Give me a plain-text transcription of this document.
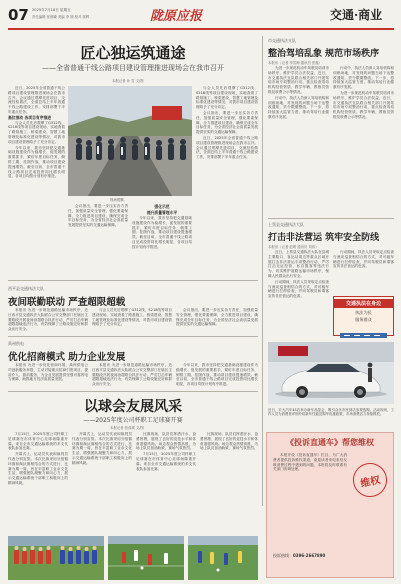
07 2025年7月18日 星期五
责任编辑 张晨曦 美编 李 刚 校对 郭辉	陇原应报	交通·商业
匠心独运筑通途
——全省普通干线公路项目建设管理推进现场会在我市召开
本报记者 孙 雪 文/图

近日，2025年全省普通干线公路项目建设管理推进现场会在我市召开。会议通过观摩先进项目、交流经验做法，全面总结上半年普通干线公路建设工作，安排部署下半年重点任务。

高位推动 各项目有序推进

与会人员先后观摩了G312线、S218线等项目建设现场，实地查看了路基施工、桥梁建设、智慧工地管理及标准化建设等情况，对我市项目建设管理给予了充分肯定。

今年以来，我市坚持把交通基础设施建设作为稳增长、促发展的重要抓手，紧盯年度目标任务，倒排工期、挂图作战，推动项目建设提速增效。截至目前，全市普通干线公路项目完成投资同比增长明显，各项目均按计划有序推进。

现场观摩。

会议指出，要进一步压实各方责任，加强质量安全管理，强化要素保障，全力推进项目建设，确保完成全年目标任务，为全省经济社会高质量发展提供坚实的交通运输保障。

强化示范
提升质量管理水平

今年以来，我市坚持把交通基础设施建设作为稳增长、促发展的重要抓手，紧盯年度目标任务，倒排工期、挂图作战，推动项目建设提速增效。截至目前，全市普通干线公路项目完成投资同比增长明显，各项目均按计划有序推进。

与会人员先后观摩了G312线、S218线等项目建设现场，实地查看了路基施工、桥梁建设、智慧工地管理及标准化建设等情况，对我市项目建设管理给予了充分肯定。

会议指出，要进一步压实各方责任，加强质量安全管理，强化要素保障，全力推进项目建设，确保完成全年目标任务，为全省经济社会高质量发展提供坚实的交通运输保障。

近日，2025年全省普通干线公路项目建设管理推进现场会在我市召开。会议通过观摩先进项目、交流经验做法，全面总结上半年普通干线公路建设工作，安排部署下半年重点任务。

西平县交通执法大队
夜间联勤联动 严查超限超载

本报讯 为进一步规范道路运输市场秩序，近日西平县交通执法大队联合公安交警部门在辖区主要路段开展夜间治超联合执法行动，严厉打击车辆超限超载违法行为，有效保障了公路设施完好和群众出行安全。

与会人员先后观摩了G312线、S218线等项目建设现场，实地查看了路基施工、桥梁建设、智慧工地管理及标准化建设等情况，对我市项目建设管理给予了充分肯定。

会议指出，要进一步压实各方责任，加强质量安全管理，强化要素保障，全力推进项目建设，确保完成全年目标任务，为全省经济社会高质量发展提供坚实的交通运输保障。

禹州供电
优化招商模式 助力企业发展

本报讯 为进一步优化营商环境，禹州供电公司创新服务举措，主动对接重点招商引资项目，提前介入、靠前服务，为企业发展提供坚强可靠的电力保障，助推地方经济高质量发展。

本报讯 为进一步规范道路运输市场秩序，近日西平县交通执法大队联合公安交警部门在辖区主要路段开展夜间治超联合执法行动，严厉打击车辆超限超载违法行为，有效保障了公路设施完好和群众出行安全。

今年以来，我市坚持把交通基础设施建设作为稳增长、促发展的重要抓手，紧盯年度目标任务，倒排工期、挂图作战，推动项目建设提速增效。截至目前，全市普通干线公路项目完成投资同比增长明显，各项目均按计划有序推进。

以球会友展风采
——2025年度公司杯职工足球赛开赛
本报记者 张成城 文/图

7月15日，2025年度公司杯职工足球赛在市体育中心足球场隆重开幕。来自全市交通运输系统的多支代表队参加比赛。

开幕式上，运动员代表和裁判员代表分别宣誓。本次比赛采用分组循环赛和淘汰赛相结合的方式进行，比赛为期一周，旨在丰富职工业余文化生活，增强团队凝聚力和向心力，展示交通运输系统干部职工积极向上的精神风貌。

开幕式上，运动员代表和裁判员代表分别宣誓。本次比赛采用分组循环赛和淘汰赛相结合的方式进行，比赛为期一周，旨在丰富职工业余文化生活，增强团队凝聚力和向心力，展示交通运输系统干部职工积极向上的精神风貌。

比赛现场，队员们挥洒汗水、奋勇拼搏，展现了良好的竞技水平和体育道德风尚。场边观众热情高涨，为场上队员加油助威，赛场气氛热烈。

7月15日，2025年度公司杯职工足球赛在市体育中心足球场隆重开幕。来自全市交通运输系统的多支代表队参加比赛。

比赛现场，队员们挥洒汗水、奋勇拼搏，展现了良好的竞技水平和体育道德风尚。场边观众热情高涨，为场上队员加油助威，赛场气氛热烈。

市交通执法支队
整治驾培乱象 规范市场秩序
本报讯（记者 李雪梅 通讯员 张磊）

为进一步规范机动车驾驶员培训市场秩序，维护学员合法权益，近日，市交通执法支队联合相关部门开展驾培市场专项整治行动，重点检查驾培机构经营资质、教学车辆、教练员资格及收费公示等情况。

行动中，执法人员深入驾培机构和训练场地，对发现的问题当场下达整改通知，责令限期整改。下一步，将持续加大监管力度，推动驾培行业健康有序发展。

行动中，执法人员深入驾培机构和训练场地，对发现的问题当场下达整改通知，责令限期整改。下一步，将持续加大监管力度，推动驾培行业健康有序发展。

为进一步规范机动车驾驶员培训市场秩序，维护学员合法权益，近日，市交通执法支队联合相关部门开展驾培市场专项整治行动，重点检查驾培机构经营资质、教学车辆、教练员资格及收费公示等情况。

上蔡县交通执法大队
打击非法营运 筑牢安全防线
本报讯（记者 赵明 通讯员 刘伟）

近日，上蔡县交通执法大队在县城主要路口、客运站周边等重点区域开展打击非法营运专项整治行动，严厉打击无证经营、私自揽客等违法行为，切实维护道路运输市场秩序，保障人民群众出行安全。

行动期间，执法人员采取定点检查与流动巡查相结合的方式，对可疑车辆进行拦停检查，并向驾驶员和乘客宣传非法营运的危害。

行动期间，执法人员采取定点检查与流动巡查相结合的方式，对可疑车辆进行拦停检查，并向驾驶员和乘客宣传非法营运的危害。

交通执法在身边
执法为民
服务群众
近日，宏大汽车4S店举办新车品鉴会，吸引众多市民到店参观选购。活动现场，工作人员为消费者详细介绍新车性能及购车优惠政策，市场消费活力持续释放。
《投诉直通车》帮您维权

本报开设《投诉直通车》栏目，为广大消费者提供投诉维权渠道，欢迎读者来电来信反映消费过程中遇到的问题，本报将及时联系有关部门协调处理。

维权
投诉热线：0396-2667890
